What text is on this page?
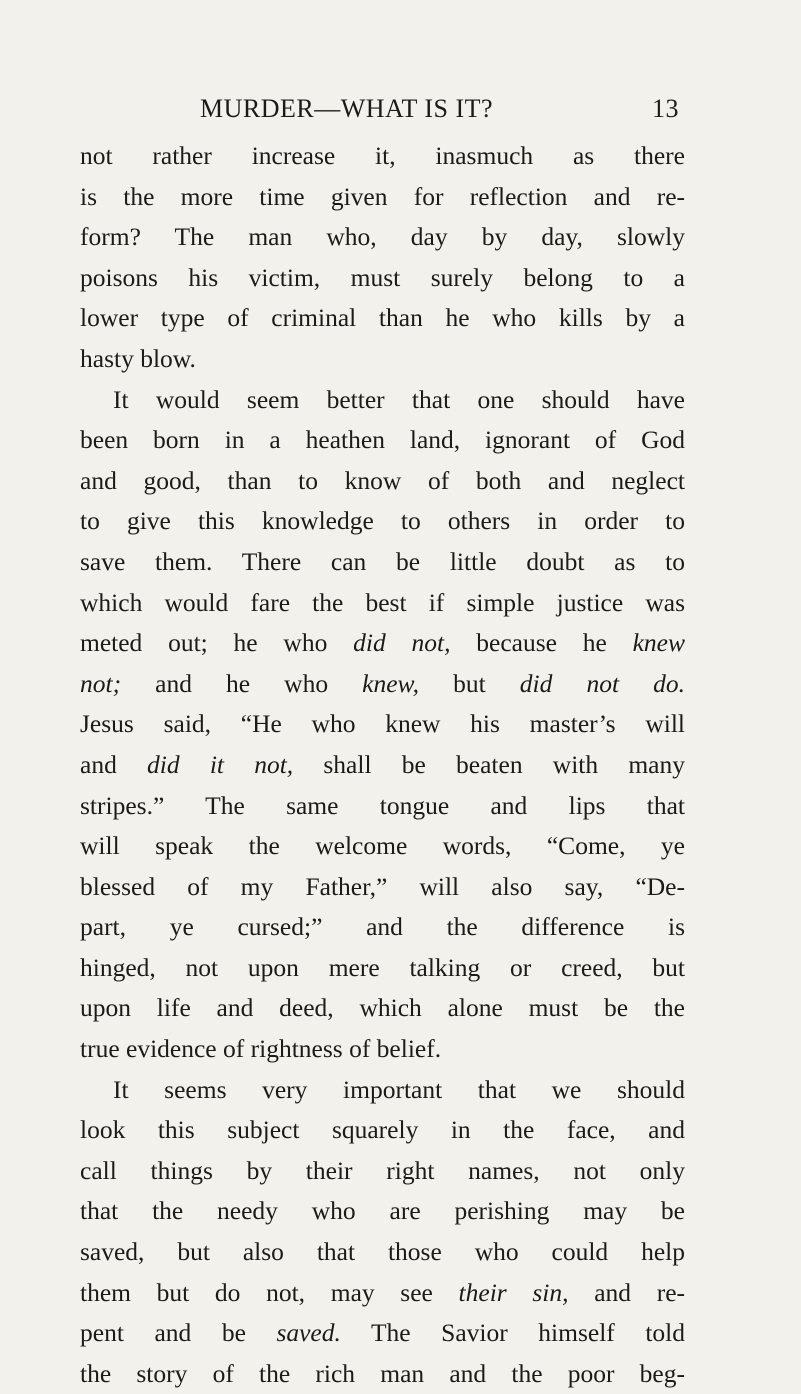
MURDER—WHAT IS IT?	13
not rather increase it, inasmuch as there
is the more time given for reflection and re-
form? The man who, day by day, slowly
poisons his victim, must surely belong to a
lower type of criminal than he who kills by a
hasty blow.
It would seem better that one should have
been born in a heathen land, ignorant of God
and good, than to know of both and neglect
to give this knowledge to others in order to
save them. There can be little doubt as to
which would fare the best if simple justice was
meted out; he who did not, because he knew
not; and he who knew, but did not do.
Jesus said, “He who knew his master’s will
and did it not, shall be beaten with many
stripes.” The same tongue and lips that
will speak the welcome words, “Come, ye
blessed of my Father,” will also say, “De-
part, ye cursed;” and the difference is
hinged, not upon mere talking or creed, but
upon life and deed, which alone must be the
true evidence of rightness of belief.
It seems very important that we should
look this subject squarely in the face, and
call things by their right names, not only
that the needy who are perishing may be
saved, but also that those who could help
them but do not, may see their sin, and re-
pent and be saved. The Savior himself told
the story of the rich man and the poor beg-
